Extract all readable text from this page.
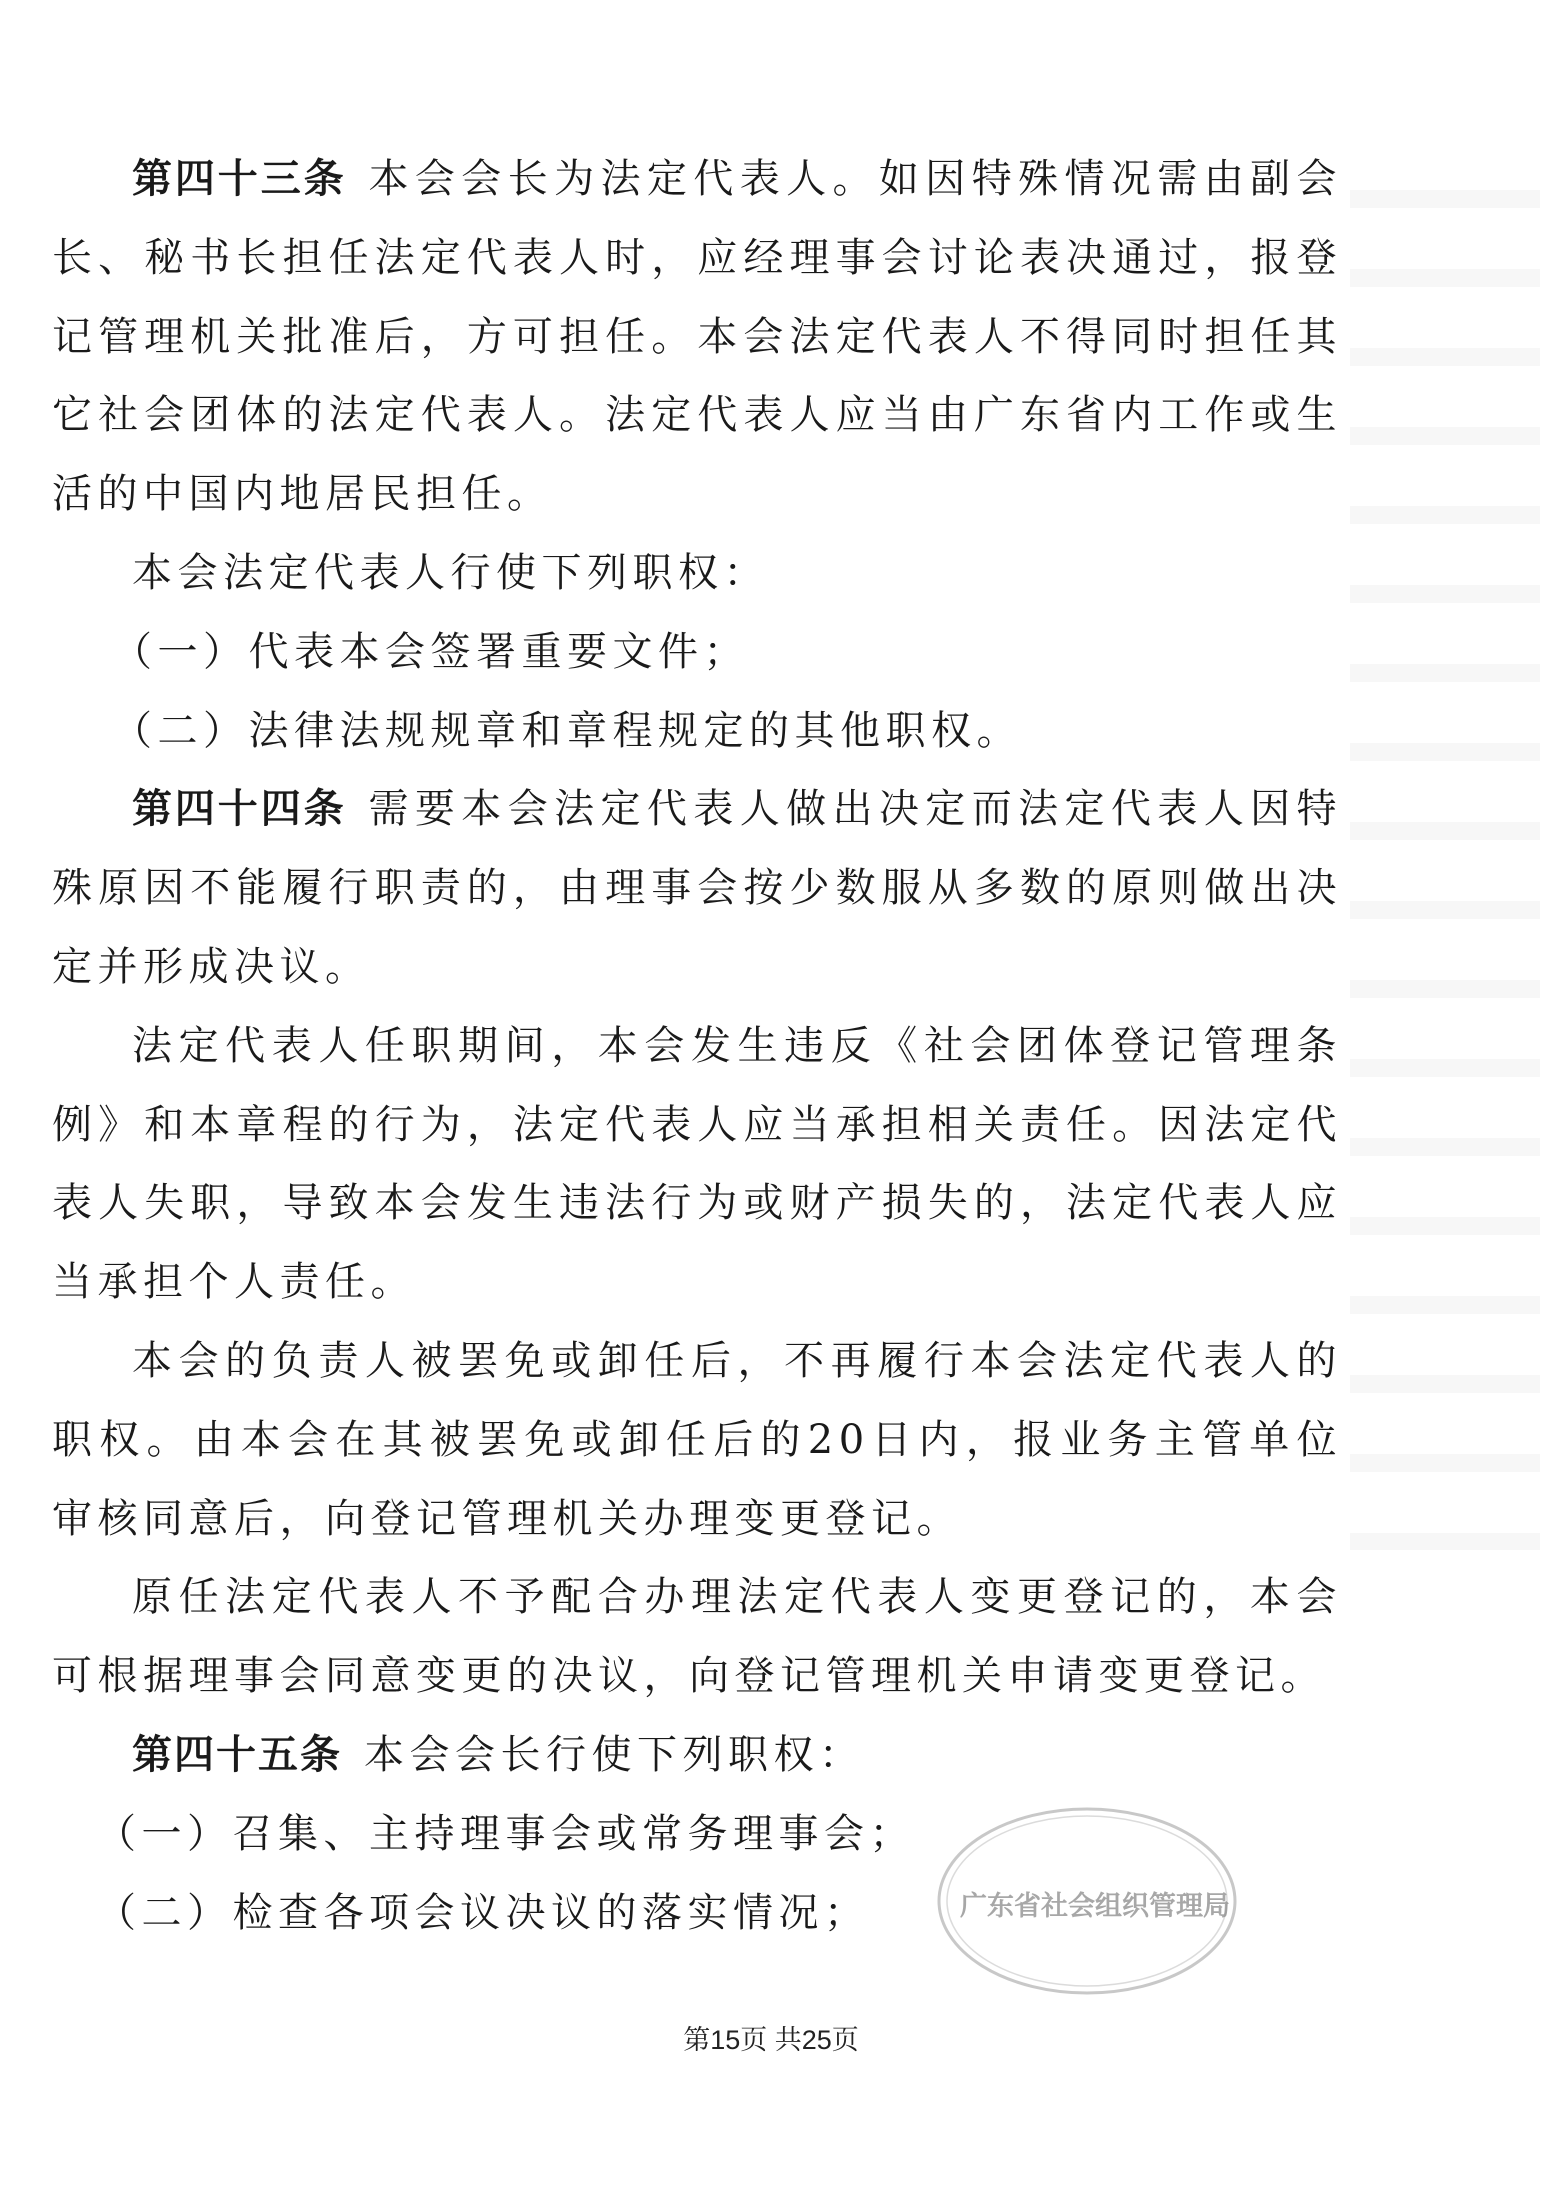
第四十三条 本会会长为法定代表人。如因特殊情况需由副会长、秘书长担任法定代表人时，应经理事会讨论表决通过，报登记管理机关批准后，方可担任。本会法定代表人不得同时担任其它社会团体的法定代表人。法定代表人应当由广东省内工作或生活的中国内地居民担任。

本会法定代表人行使下列职权：

（一）代表本会签署重要文件；

（二）法律法规规章和章程规定的其他职权。

第四十四条 需要本会法定代表人做出决定而法定代表人因特殊原因不能履行职责的，由理事会按少数服从多数的原则做出决定并形成决议。

法定代表人任职期间，本会发生违反《社会团体登记管理条例》和本章程的行为，法定代表人应当承担相关责任。因法定代表人失职，导致本会发生违法行为或财产损失的，法定代表人应当承担个人责任。

本会的负责人被罢免或卸任后，不再履行本会法定代表人的职权。由本会在其被罢免或卸任后的20日内，报业务主管单位审核同意后，向登记管理机关办理变更登记。

原任法定代表人不予配合办理法定代表人变更登记的，本会可根据理事会同意变更的决议，向登记管理机关申请变更登记。

第四十五条 本会会长行使下列职权：

（一）召集、主持理事会或常务理事会；

（二）检查各项会议决议的落实情况；	广东省社会组织管理局
第15页 共25页
